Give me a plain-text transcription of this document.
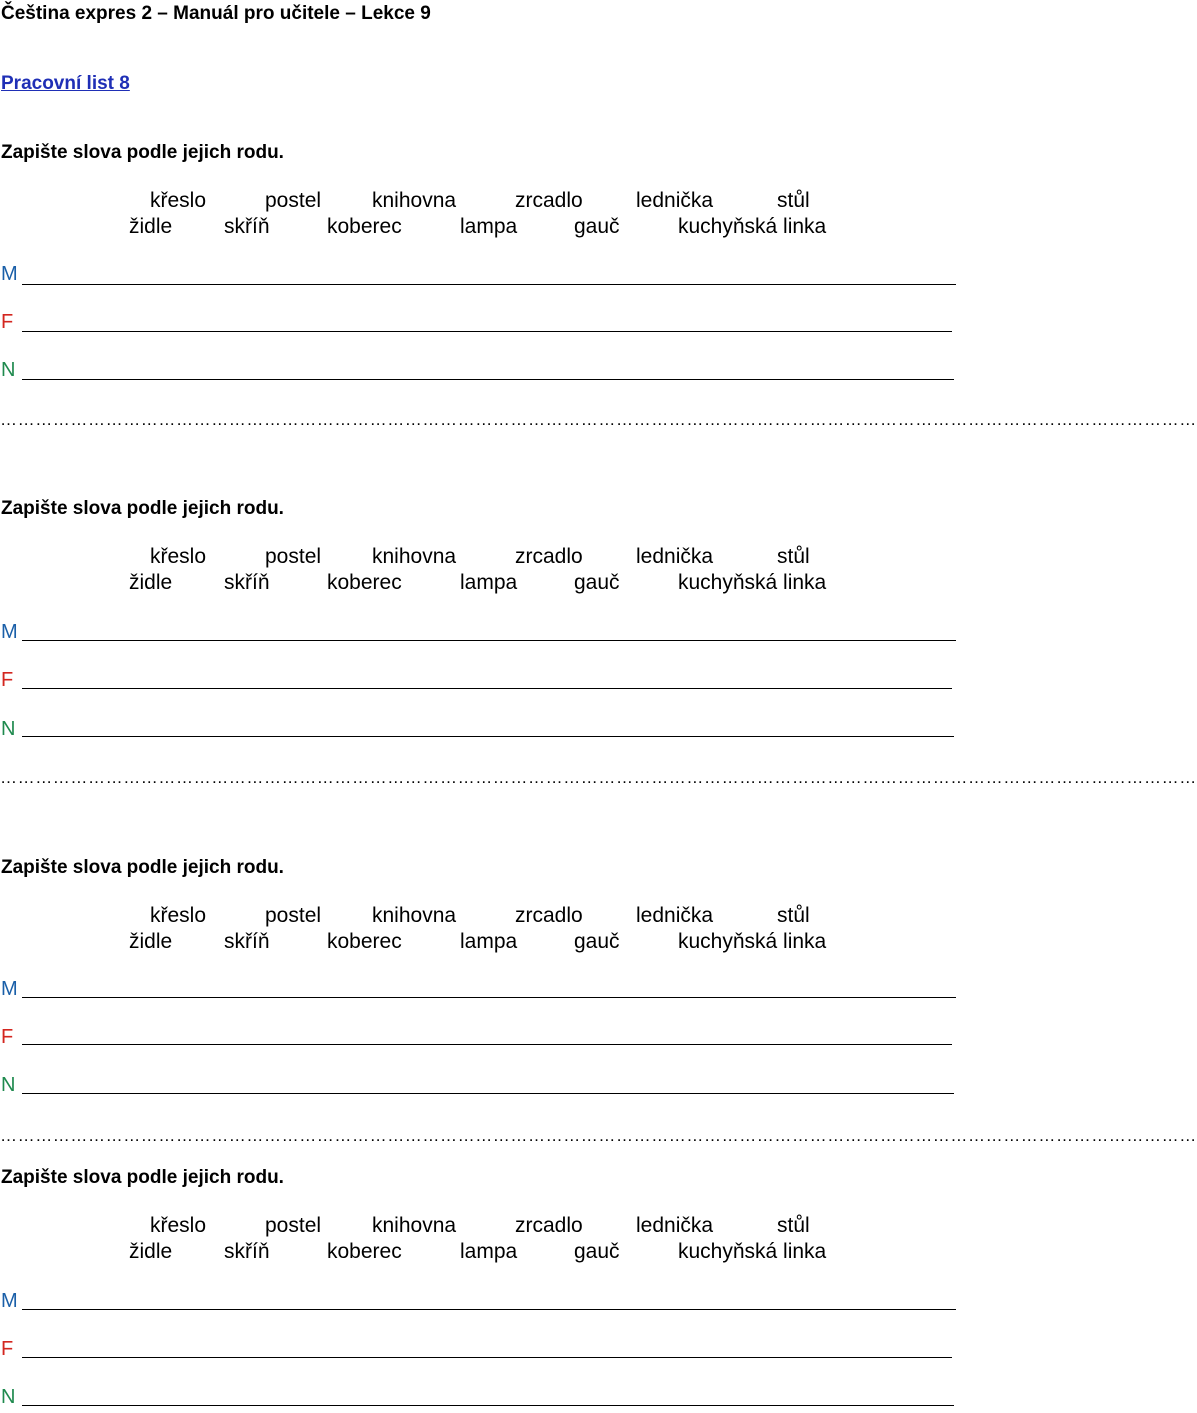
Čeština expres 2 – Manuál pro učitele – Lekce 9
Pracovní list 8
Zapište slova podle jejich rodu.
křeslo	postel knihovna	zrcadlo	lednička	stůl
židle skříň	koberec	lampa	gauč	kuchyňská linka
M
F
N
……………………………………………………………………………………………………………………………………………………………………………………
Zapište slova podle jejich rodu.
křeslo	postel knihovna	zrcadlo	lednička	stůl
židle skříň	koberec	lampa	gauč	kuchyňská linka
M
F
N
……………………………………………………………………………………………………………………………………………………………………………………
Zapište slova podle jejich rodu.
křeslo	postel knihovna	zrcadlo	lednička	stůl
židle skříň	koberec	lampa	gauč	kuchyňská linka
M
F
N
……………………………………………………………………………………………………………………………………………………………………………………
Zapište slova podle jejich rodu.
křeslo	postel knihovna	zrcadlo	lednička	stůl
židle skříň	koberec	lampa	gauč	kuchyňská linka
M
F
N
